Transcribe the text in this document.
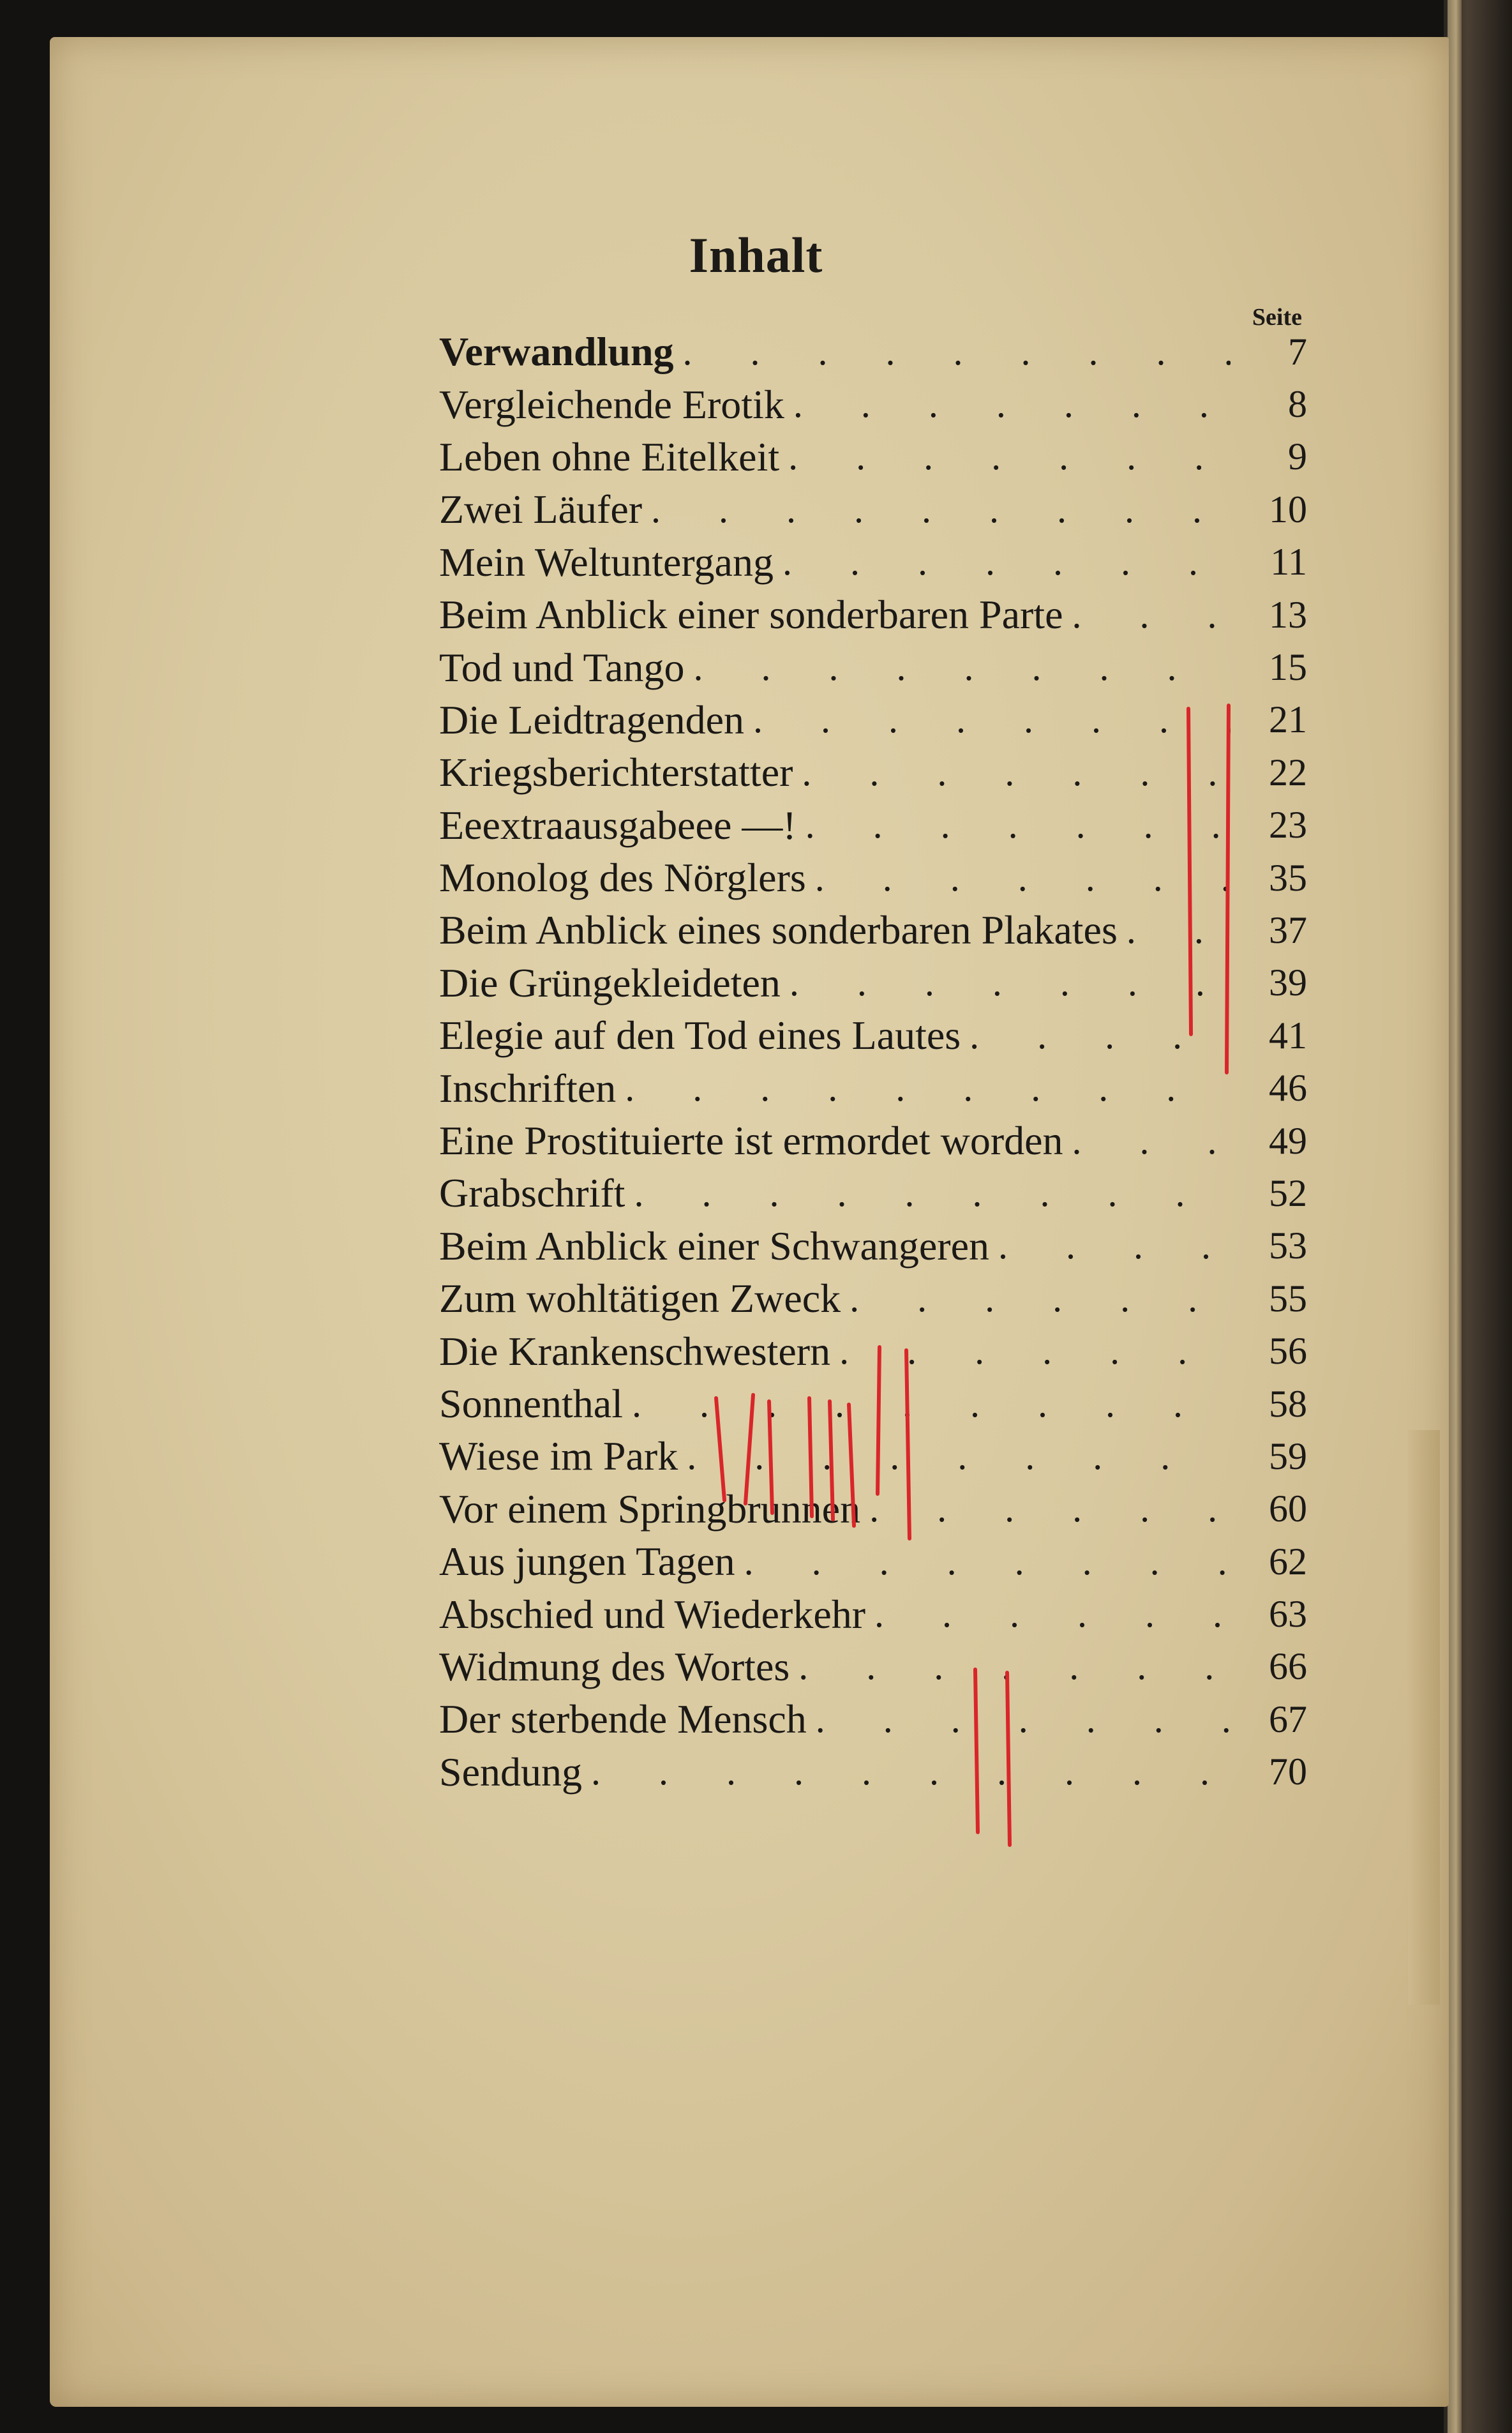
Inhalt
Seite
Verwandlung . . .	7
Vergleichende Erotik . . .	8
Leben ohne Eitelkeit . . .	9
Zwei Läufer . . .	10
Mein Weltuntergang . . .	11
Beim Anblick einer sonderbaren Parte . . .	13
Tod und Tango . . .	15
Die Leidtragenden . . .	21
Kriegsberichterstatter . . .	22
Eeextraausgabeee —! . . .	23
Monolog des Nörglers . . .	35
Beim Anblick eines sonderbaren Plakates . . .	37
Die Grüngekleideten . . .	39
Elegie auf den Tod eines Lautes . . .	41
Inschriften . . .	46
Eine Prostituierte ist ermordet worden . . .	49
Grabschrift . . .	52
Beim Anblick einer Schwangeren . . .	53
Zum wohltätigen Zweck . . .	55
Die Krankenschwestern . . .	56
Sonnenthal . . .	58
Wiese im Park . . .	59
Vor einem Springbrunnen . . .	60
Aus jungen Tagen . . .	62
Abschied und Wiederkehr . . .	63
Widmung des Wortes . . .	66
Der sterbende Mensch . . .	67
Sendung . . .	70
